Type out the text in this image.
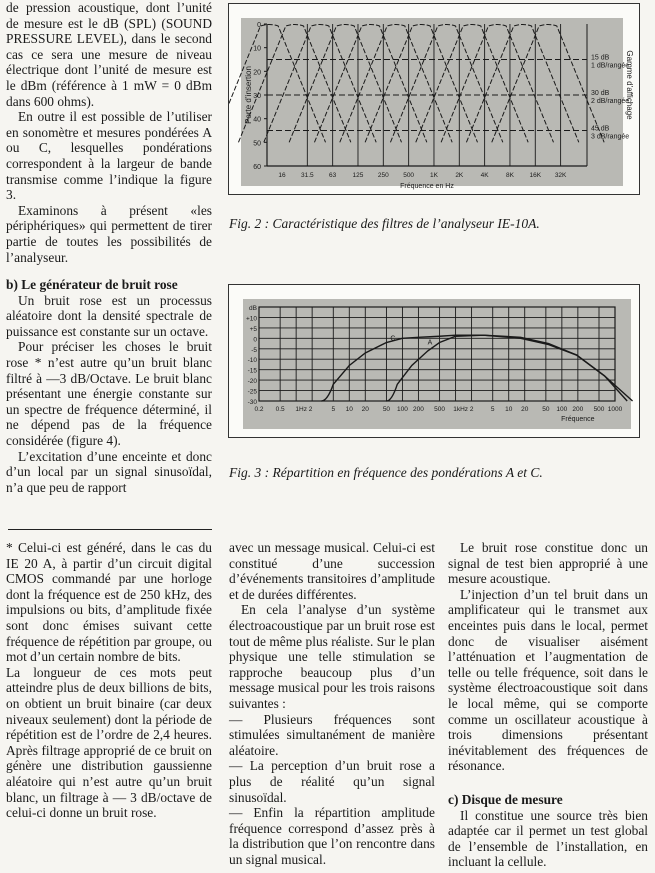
de pression acoustique, dont l’unité de mesure est le dB (SPL) (SOUND PRESSURE LEVEL), dans le second cas ce sera une mesure de niveau électrique dont l’unité de mesure est le dBm (référence à 1 mW = 0 dBm dans 600 ohms).

En outre il est possible de l’utiliser en sonomètre et mesures pondérées A ou C, lesquelles pondérations correspondent à la largeur de bande transmise comme l’indique la figure 3.

Examinons à présent «les périphériques» qui permettent de tirer partie de toutes les possibilités de l’analyseur.

b) Le générateur de bruit rose

Un bruit rose est un processus aléatoire dont la densité spectrale de puissance est constante sur un octave.

Pour préciser les choses le bruit rose * n’est autre qu’un bruit blanc filtré à —3 dB/Octave. Le bruit blanc présentant une énergie constante sur un spectre de fréquence déterminé, il ne dépend pas de la fréquence considérée (figure 4).

L’excitation d’une enceinte et donc d’un local par un signal sinusoïdal, n’a que peu de rapport

* Celui-ci est généré, dans le cas du IE 20 A, à partir d’un circuit digital CMOS commandé par une horloge dont la fréquence est de 250 kHz, des impulsions ou bits, d’amplitude fixée sont donc émises suivant cette fréquence de répétition par groupe, ou mot d’un certain nombre de bits.

La longueur de ces mots peut atteindre plus de deux billions de bits, on obtient un bruit binaire (car deux niveaux seulement) dont la période de répétition est de l’ordre de 2,4 heures. Après filtrage approprié de ce bruit on génère une distribution gaussienne aléatoire qui n’est autre qu’un bruit blanc, un filtrage à — 3 dB/octave de celui-ci donne un bruit rose.

0
10
20
30
40
50
60
16 31.5 63	125 250 500 1K	2K	4K	8K 16K 32K
15 dB
1 dB/rangée
30 dB
2 dB/rangée
45 dB
3 dB/rangée
Fréquence en Hz
Perte d’insertion	Gamme d’affichage
Fig. 2 : Caractéristique des filtres de l’analyseur IE-10A.
dB
+10
+5
0
-5
-10
-15
-20
-25
-30
0.2 0.5 1Hz 2	5 10 20 50 100 200 500 1kHz 2	5 10 20 50 100 200 500 1000
Fréquence
C
A
Fig. 3 : Répartition en fréquence des pondérations A et C.

avec un message musical. Celui-ci est constitué d’une succession d’événements transitoires d’amplitude et de durées différentes.

En cela l’analyse d’un système électroacoustique par un bruit rose est tout de même plus réaliste. Sur le plan physique une telle stimulation se rapproche beaucoup plus d’un message musical pour les trois raisons suivantes :

— Plusieurs fréquences sont stimulées simultanément de manière aléatoire.

— La perception d’un bruit rose a plus de réalité qu’un signal sinusoïdal.

— Enfin la répartition amplitude fréquence correspond d’assez près à la distribution que l’on rencontre dans un signal musical.

Le bruit rose constitue donc un signal de test bien approprié à une mesure acoustique.

L’injection d’un tel bruit dans un amplificateur qui le transmet aux enceintes puis dans le local, permet donc de visualiser aisément l’atténuation et l’augmentation de telle ou telle fréquence, soit dans le système électroacoustique soit dans le local même, qui se comporte comme un oscillateur acoustique à trois dimensions présentant inévitablement des fréquences de résonance.

c) Disque de mesure

Il constitue une source très bien adaptée car il permet un test global de l’ensemble de l’installation, en incluant la cellule.
